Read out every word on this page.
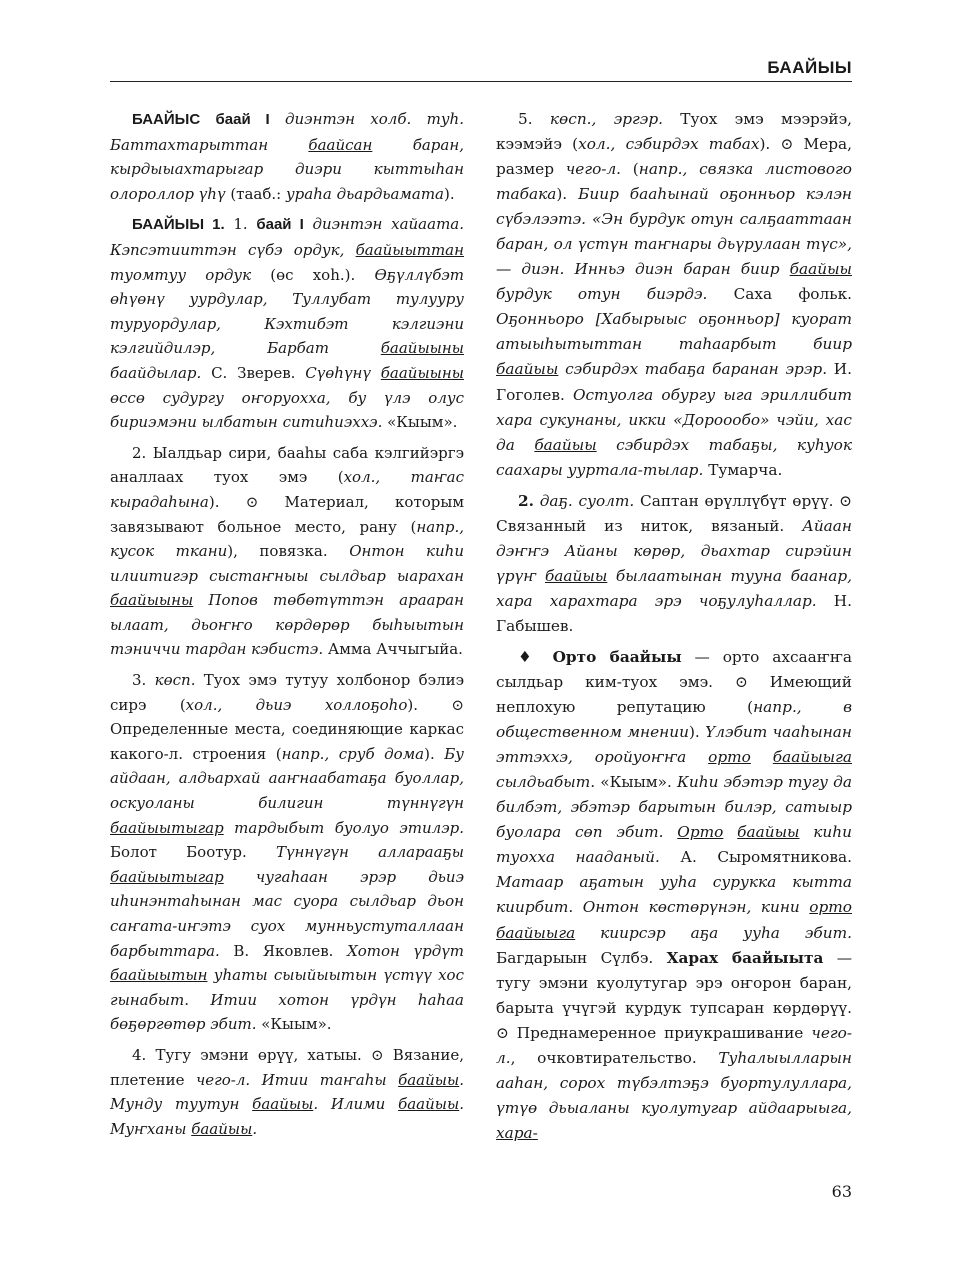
БААЙЫЫ

БААЙЫС баай I диэнтэн холб. туһ. Баттахтарыттан баайсан баран, кырдыыахтарыгар диэри кыттыһан олороллор үһү (тааб.: ураһа дьардьамата).

БААЙЫЫ 1. 1. баай I диэнтэн хайаата. Кэпсэтииттэн сүбэ ордук, баайыыттан туомтуу ордук (өс хоһ.). Өҕүллүбэт өһүөнү уурдулар, Туллубат тулууру туруордулар, Кэхтибэт кэлгиэни кэлгийдилэр, Барбат баайыыны баайдылар. С. Зверев. Сүөһүнү баайыыны өссө судургу оҥоруохха, бу үлэ олус бириэмэни ылбатын ситиһиэххэ. «Кыым».

2. Ыалдьар сири, бааһы саба кэлгийэргэ аналлаах туох эмэ (хол., таҥас кырадаһына). ⊙ Материал, которым завязывают больное место, рану (напр., кусок ткани), повязка. Онтон киһи илиитигэр сыстаҥныы сылдьар ыарахан баайыыны Попов төбөтүттэн арааран ылаат, дьоҥҥо көрдөрөр быһыытын тэниччи тардан кэбистэ. Амма Аччыгыйа.

3. көсп. Туох эмэ тутуу холбонор бэлиэ сирэ (хол., дьиэ холлоҕоһо). ⊙ Определенные места, соединяющие каркас какого-л. строения (напр., сруб дома). Бу айдаан, алдьархай ааҥнаабатаҕа буоллар, оскуоланы билигин түннүгүн баайыытыгар тардыбыт буолуо этилэр. Болот Боотур. Түннүгүн алларааҕы баайыытыгар чугаһаан эрэр дьиэ иһинэнтаһынан мас суора сылдьар дьон саҥата-иҥэтэ суох мунньустуталлаан барбыттара. В. Яковлев. Хотон үрдүт баайыытын уһаты сыыйыытын үстүү хос гынабыт. Итии хотон үрдүн һаһаа бөҕөргөтөр эбит. «Кыым».

4. Тугу эмэни өрүү, хатыы. ⊙ Вязание, плетение чего-л. Итии таҥаһы баайыы. Мунду туутун баайыы. Илими баайыы. Муҥханы баайыы.

5. көсп., эргэр. Туох эмэ мээрэйэ, кээмэйэ (хол., сэбирдэх табах). ⊙ Мера, размер чего-л. (напр., связка листового табака). Биир бааһынай оҕонньор кэлэн сүбэлээтэ. «Эн бурдук отун салҕааттаан баран, ол үстүн таҥнары дьүрулаан түс», — диэн. Инньэ диэн баран биир баайыы бурдук отун биэрдэ. Саха фольк. Оҕонньоро [Хабырыыс оҕонньор] куорат атыыһытыттан таһаарбыт биир баайыы сэбирдэх табаҕа баранан эрэр. И. Гоголев. Остуолга обургу ыга эриллибит хара сукунаны, икки «Дороообо» чэйи, хас да баайыы сэбирдэх табаҕы, куһуок саахары ууртала-тылар. Тумарча.

2. даҕ. суолт. Саптан өрүллүбүт өрүү. ⊙ Связанный из ниток, вязаный. Айаан дэҥҥэ Айаны көрөр, дьахтар сирэйин үрүҥ баайыы былаатынан тууна баанар, хара харахтара эрэ чоҕулуһаллар. Н. Габышев.

♦ Орто баайыы — орто ахсааҥҥа сылдьар ким-туох эмэ. ⊙ Имеющий неплохую репутацию (напр., в общественном мнении). Үлэбит чааһынан эттэххэ, оройуоҥҥа орто баайыыга сылдьабыт. «Кыым». Киһи эбэтэр тугу да билбэт, эбэтэр барытын билэр, сатыыр буолара сөп эбит. Орто баайыы киһи туохха нааданый. А. Сыромятникова. Матаар аҕатын ууһа сурукка кытта киирбит. Онтон көстөрүнэн, кини орто баайыыга киирсэр аҕа ууһа эбит. Багдарыын Сүлбэ. Харах баайыыта — тугу эмэни куолутугар эрэ оҥорон баран, барыта үчүгэй курдук тупсаран көрдөрүү. ⊙ Преднамеренное приукрашивание чего-л., очковтирательство. Туһалыылларын ааһан, сорох түбэлтэҕэ буортулуллара, үтүө дьыаланы куолутугар айдаарыыга, хара-

63
